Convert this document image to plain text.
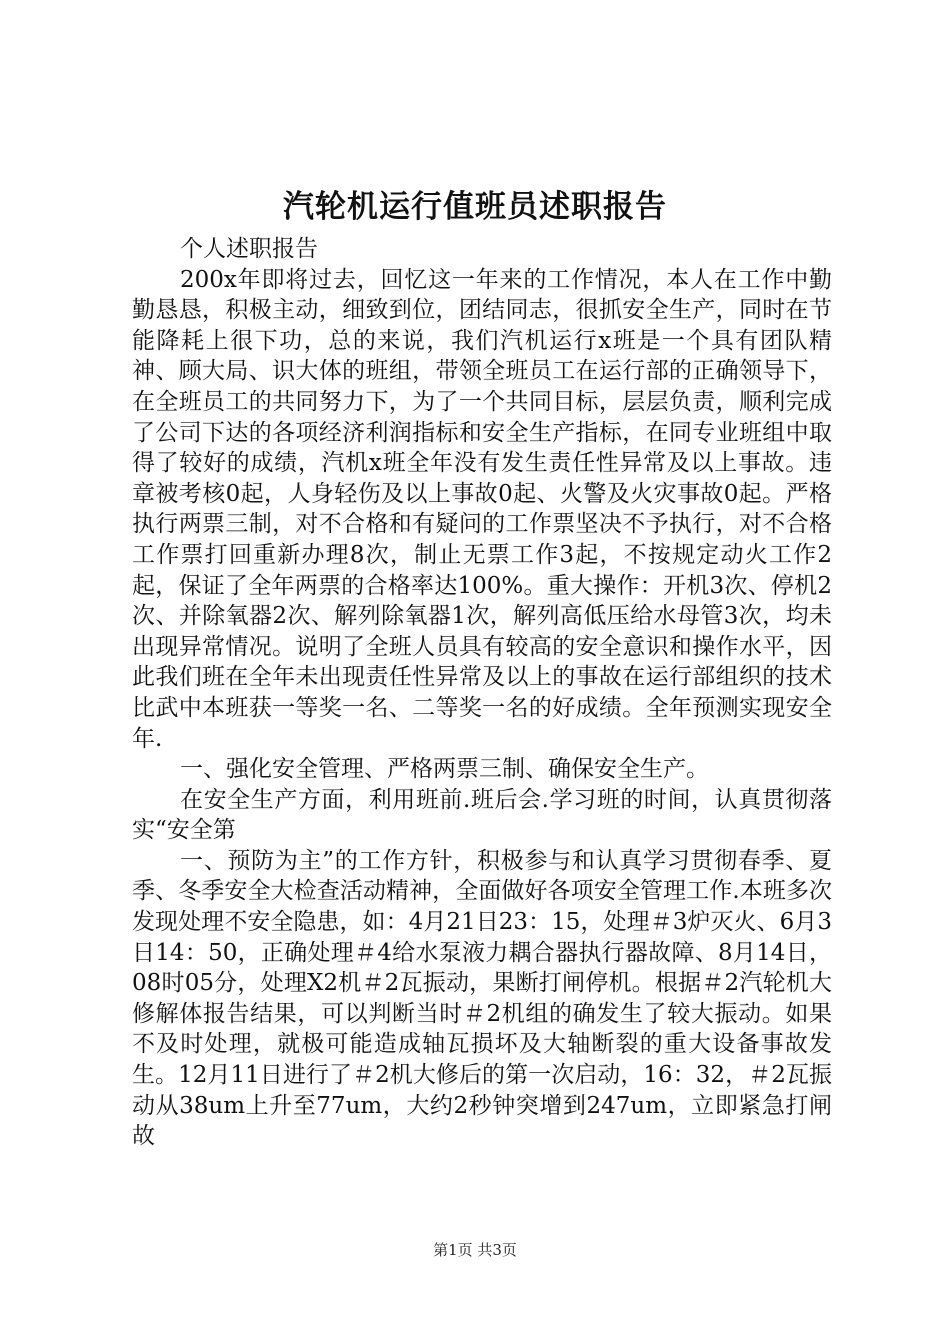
汽轮机运行值班员述职报告

个人述职报告

200x年即将过去，回忆这一年来的工作情况，本人在工作中勤勤恳恳，积极主动，细致到位，团结同志，很抓安全生产，同时在节能降耗上很下功，总的来说，我们汽机运行x班是一个具有团队精神、顾大局、识大体的班组，带领全班员工在运行部的正确领导下，在全班员工的共同努力下，为了一个共同目标，层层负责，顺利完成了公司下达的各项经济利润指标和安全生产指标，在同专业班组中取得了较好的成绩，汽机x班全年没有发生责任性异常及以上事故。违章被考核0起，人身轻伤及以上事故0起、火警及火灾事故0起。严格执行两票三制，对不合格和有疑问的工作票坚决不予执行，对不合格工作票打回重新办理8次，制止无票工作3起，不按规定动火工作2起，保证了全年两票的合格率达100%。重大操作：开机3次、停机2次、并除氧器2次、解列除氧器1次，解列高低压给水母管3次，均未出现异常情况。说明了全班人员具有较高的安全意识和操作水平，因此我们班在全年未出现责任性异常及以上的事故在运行部组织的技术比武中本班获一等奖一名、二等奖一名的好成绩。全年预测实现安全年.

一、强化安全管理、严格两票三制、确保安全生产。

在安全生产方面，利用班前.班后会.学习班的时间，认真贯彻落实“安全第

一、预防为主”的工作方针，积极参与和认真学习贯彻春季、夏季、冬季安全大检查活动精神，全面做好各项安全管理工作.本班多次发现处理不安全隐患，如：4月21日23：15，处理＃3炉灭火、6月3日14：50，正确处理＃4给水泵液力耦合器执行器故障、8月14日，08时05分，处理X2机＃2瓦振动，果断打闸停机。根据＃2汽轮机大修解体报告结果，可以判断当时＃2机组的确发生了较大振动。如果不及时处理，就极可能造成轴瓦损坏及大轴断裂的重大设备事故发生。12月11日进行了＃2机大修后的第一次启动，16：32，＃2瓦振动从38um上升至77um，大约2秒钟突增到247um，立即紧急打闸故

第1页 共3页
